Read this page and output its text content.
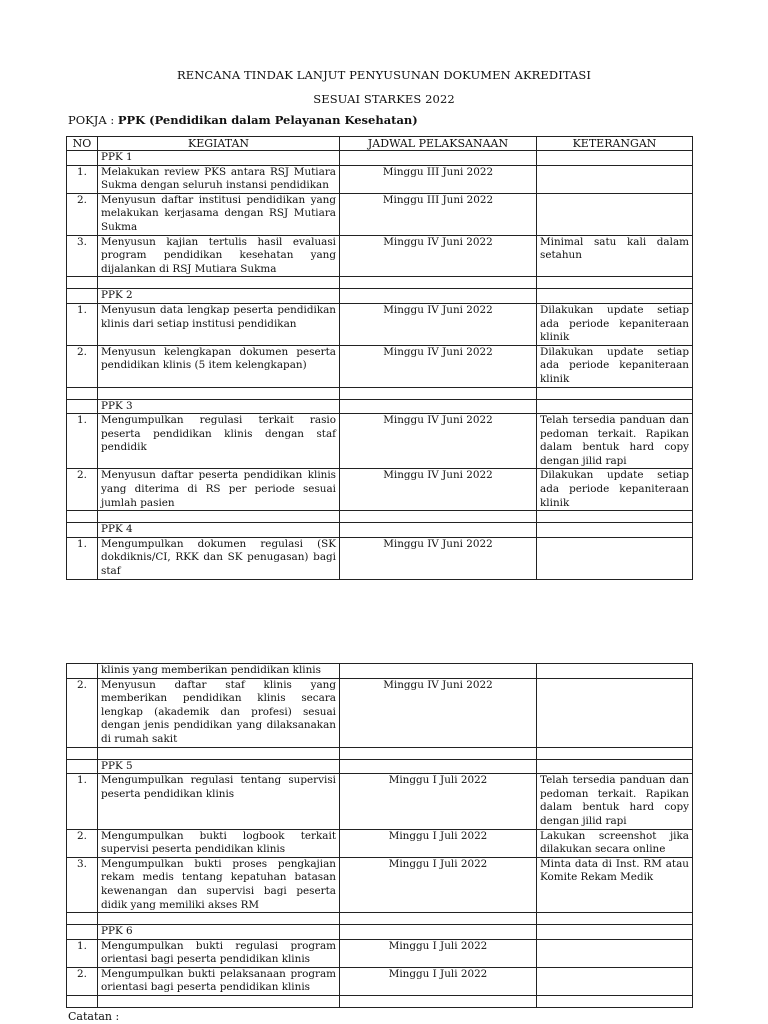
RENCANA TINDAK LANJUT PENYUSUNAN DOKUMEN AKREDITASI
SESUAI STARKES 2022
POKJA : PPK (Pendidikan dalam Pelayanan Kesehatan)
NO	KEGIATAN	JADWAL PELAKSANAAN	KETERANGAN
	PPK 1		
1.	Melakukan review PKS antara RSJ Mutiara Sukma dengan seluruh instansi pendidikan	Minggu III Juni 2022	
2.	Menyusun daftar institusi pendidikan yang melakukan kerjasama dengan RSJ Mutiara Sukma	Minggu III Juni 2022	
3.	Menyusun kajian tertulis hasil evaluasi program pendidikan kesehatan yang dijalankan di RSJ Mutiara Sukma	Minggu IV Juni 2022	Minimal satu kali dalam setahun

	PPK 2		
1.	Menyusun data lengkap peserta pendidikan klinis dari setiap institusi pendidikan	Minggu IV Juni 2022	Dilakukan update setiap ada periode kepaniteraan klinik
2.	Menyusun kelengkapan dokumen peserta pendidikan klinis (5 item kelengkapan)	Minggu IV Juni 2022	Dilakukan update setiap ada periode kepaniteraan klinik

	PPK 3		
1.	Mengumpulkan regulasi terkait rasio peserta pendidikan klinis dengan staf pendidik	Minggu IV Juni 2022	Telah tersedia panduan dan pedoman terkait. Rapikan dalam bentuk hard copy dengan jilid rapi
2.	Menyusun daftar peserta pendidikan klinis yang diterima di RS per periode sesuai jumlah pasien	Minggu IV Juni 2022	Dilakukan update setiap ada periode kepaniteraan klinik

	PPK 4		
1.	Mengumpulkan dokumen regulasi (SK dokdiknis/CI, RKK dan SK penugasan) bagi staf	Minggu IV Juni 2022	
	klinis yang memberikan pendidikan klinis		
2.	Menyusun daftar staf klinis yang memberikan pendidikan klinis secara lengkap (akademik dan profesi) sesuai dengan jenis pendidikan yang dilaksanakan di rumah sakit	Minggu IV Juni 2022	

	PPK 5		
1.	Mengumpulkan regulasi tentang supervisi peserta pendidikan klinis	Minggu I Juli 2022	Telah tersedia panduan dan pedoman terkait. Rapikan dalam bentuk hard copy dengan jilid rapi
2.	Mengumpulkan bukti logbook terkait supervisi peserta pendidikan klinis	Minggu I Juli 2022	Lakukan screenshot jika dilakukan secara online
3.	Mengumpulkan bukti proses pengkajian rekam medis tentang kepatuhan batasan kewenangan dan supervisi bagi peserta didik yang memiliki akses RM	Minggu I Juli 2022	Minta data di Inst. RM atau Komite Rekam Medik

	PPK 6		
1.	Mengumpulkan bukti regulasi program orientasi bagi peserta pendidikan klinis	Minggu I Juli 2022	
2.	Mengumpulkan bukti pelaksanaan program orientasi bagi peserta pendidikan klinis	Minggu I Juli 2022	

Catatan :
